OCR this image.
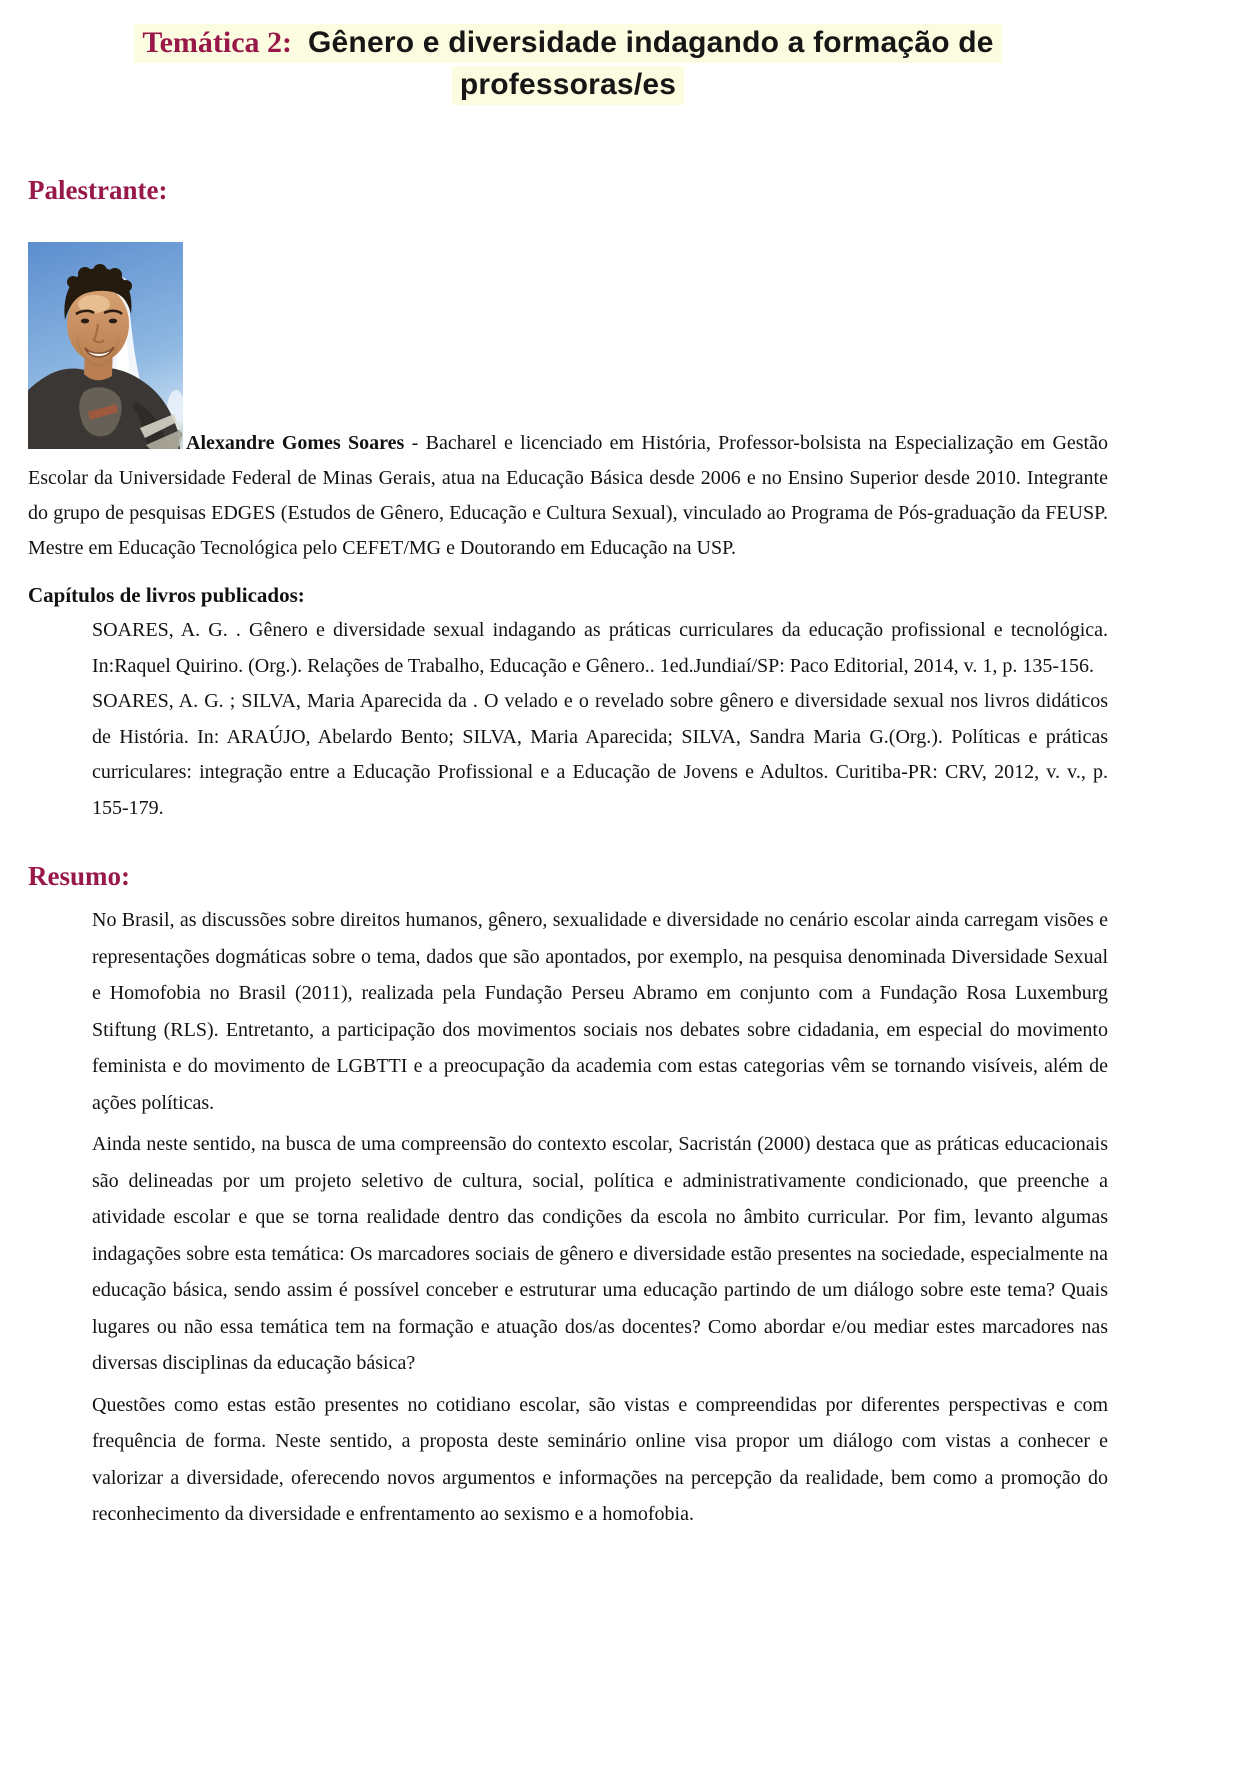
Temática 2: Gênero e diversidade indagando a formação de
professoras/es
Palestrante:

Alexandre Gomes Soares - Bacharel e licenciado em História, Professor-bolsista na Especialização em Gestão Escolar da Universidade Federal de Minas Gerais, atua na Educação Básica desde 2006 e no Ensino Superior desde 2010. Integrante do grupo de pesquisas EDGES (Estudos de Gênero, Educação e Cultura Sexual), vinculado ao Programa de Pós-graduação da FEUSP. Mestre em Educação Tecnológica pelo CEFET/MG e Doutorando em Educação na USP.

Capítulos de livros publicados:

SOARES, A. G. . Gênero e diversidade sexual indagando as práticas curriculares da educação profissional e tecnológica. In:Raquel Quirino. (Org.). Relações de Trabalho, Educação e Gênero.. 1ed.Jundiaí/SP: Paco Editorial, 2014, v. 1, p. 135-156.

SOARES, A. G. ; SILVA, Maria Aparecida da . O velado e o revelado sobre gênero e diversidade sexual nos livros didáticos de História. In: ARAÚJO, Abelardo Bento; SILVA, Maria Aparecida; SILVA, Sandra Maria G.(Org.). Políticas e práticas curriculares: integração entre a Educação Profissional e a Educação de Jovens e Adultos. Curitiba-PR: CRV, 2012, v. v., p. 155-179.

Resumo:

No Brasil, as discussões sobre direitos humanos, gênero, sexualidade e diversidade no cenário escolar ainda carregam visões e representações dogmáticas sobre o tema, dados que são apontados, por exemplo, na pesquisa denominada Diversidade Sexual e Homofobia no Brasil (2011), realizada pela Fundação Perseu Abramo em conjunto com a Fundação Rosa Luxemburg Stiftung (RLS). Entretanto, a participação dos movimentos sociais nos debates sobre cidadania, em especial do movimento feminista e do movimento de LGBTTI e a preocupação da academia com estas categorias vêm se tornando visíveis, além de ações políticas.

Ainda neste sentido, na busca de uma compreensão do contexto escolar, Sacristán (2000) destaca que as práticas educacionais são delineadas por um projeto seletivo de cultura, social, política e administrativamente condicionado, que preenche a atividade escolar e que se torna realidade dentro das condições da escola no âmbito curricular. Por fim, levanto algumas indagações sobre esta temática: Os marcadores sociais de gênero e diversidade estão presentes na sociedade, especialmente na educação básica, sendo assim é possível conceber e estruturar uma educação partindo de um diálogo sobre este tema? Quais lugares ou não essa temática tem na formação e atuação dos/as docentes? Como abordar e/ou mediar estes marcadores nas diversas disciplinas da educação básica?

Questões como estas estão presentes no cotidiano escolar, são vistas e compreendidas por diferentes perspectivas e com frequência de forma. Neste sentido, a proposta deste seminário online visa propor um diálogo com vistas a conhecer e valorizar a diversidade, oferecendo novos argumentos e informações na percepção da realidade, bem como a promoção do reconhecimento da diversidade e enfrentamento ao sexismo e a homofobia.
